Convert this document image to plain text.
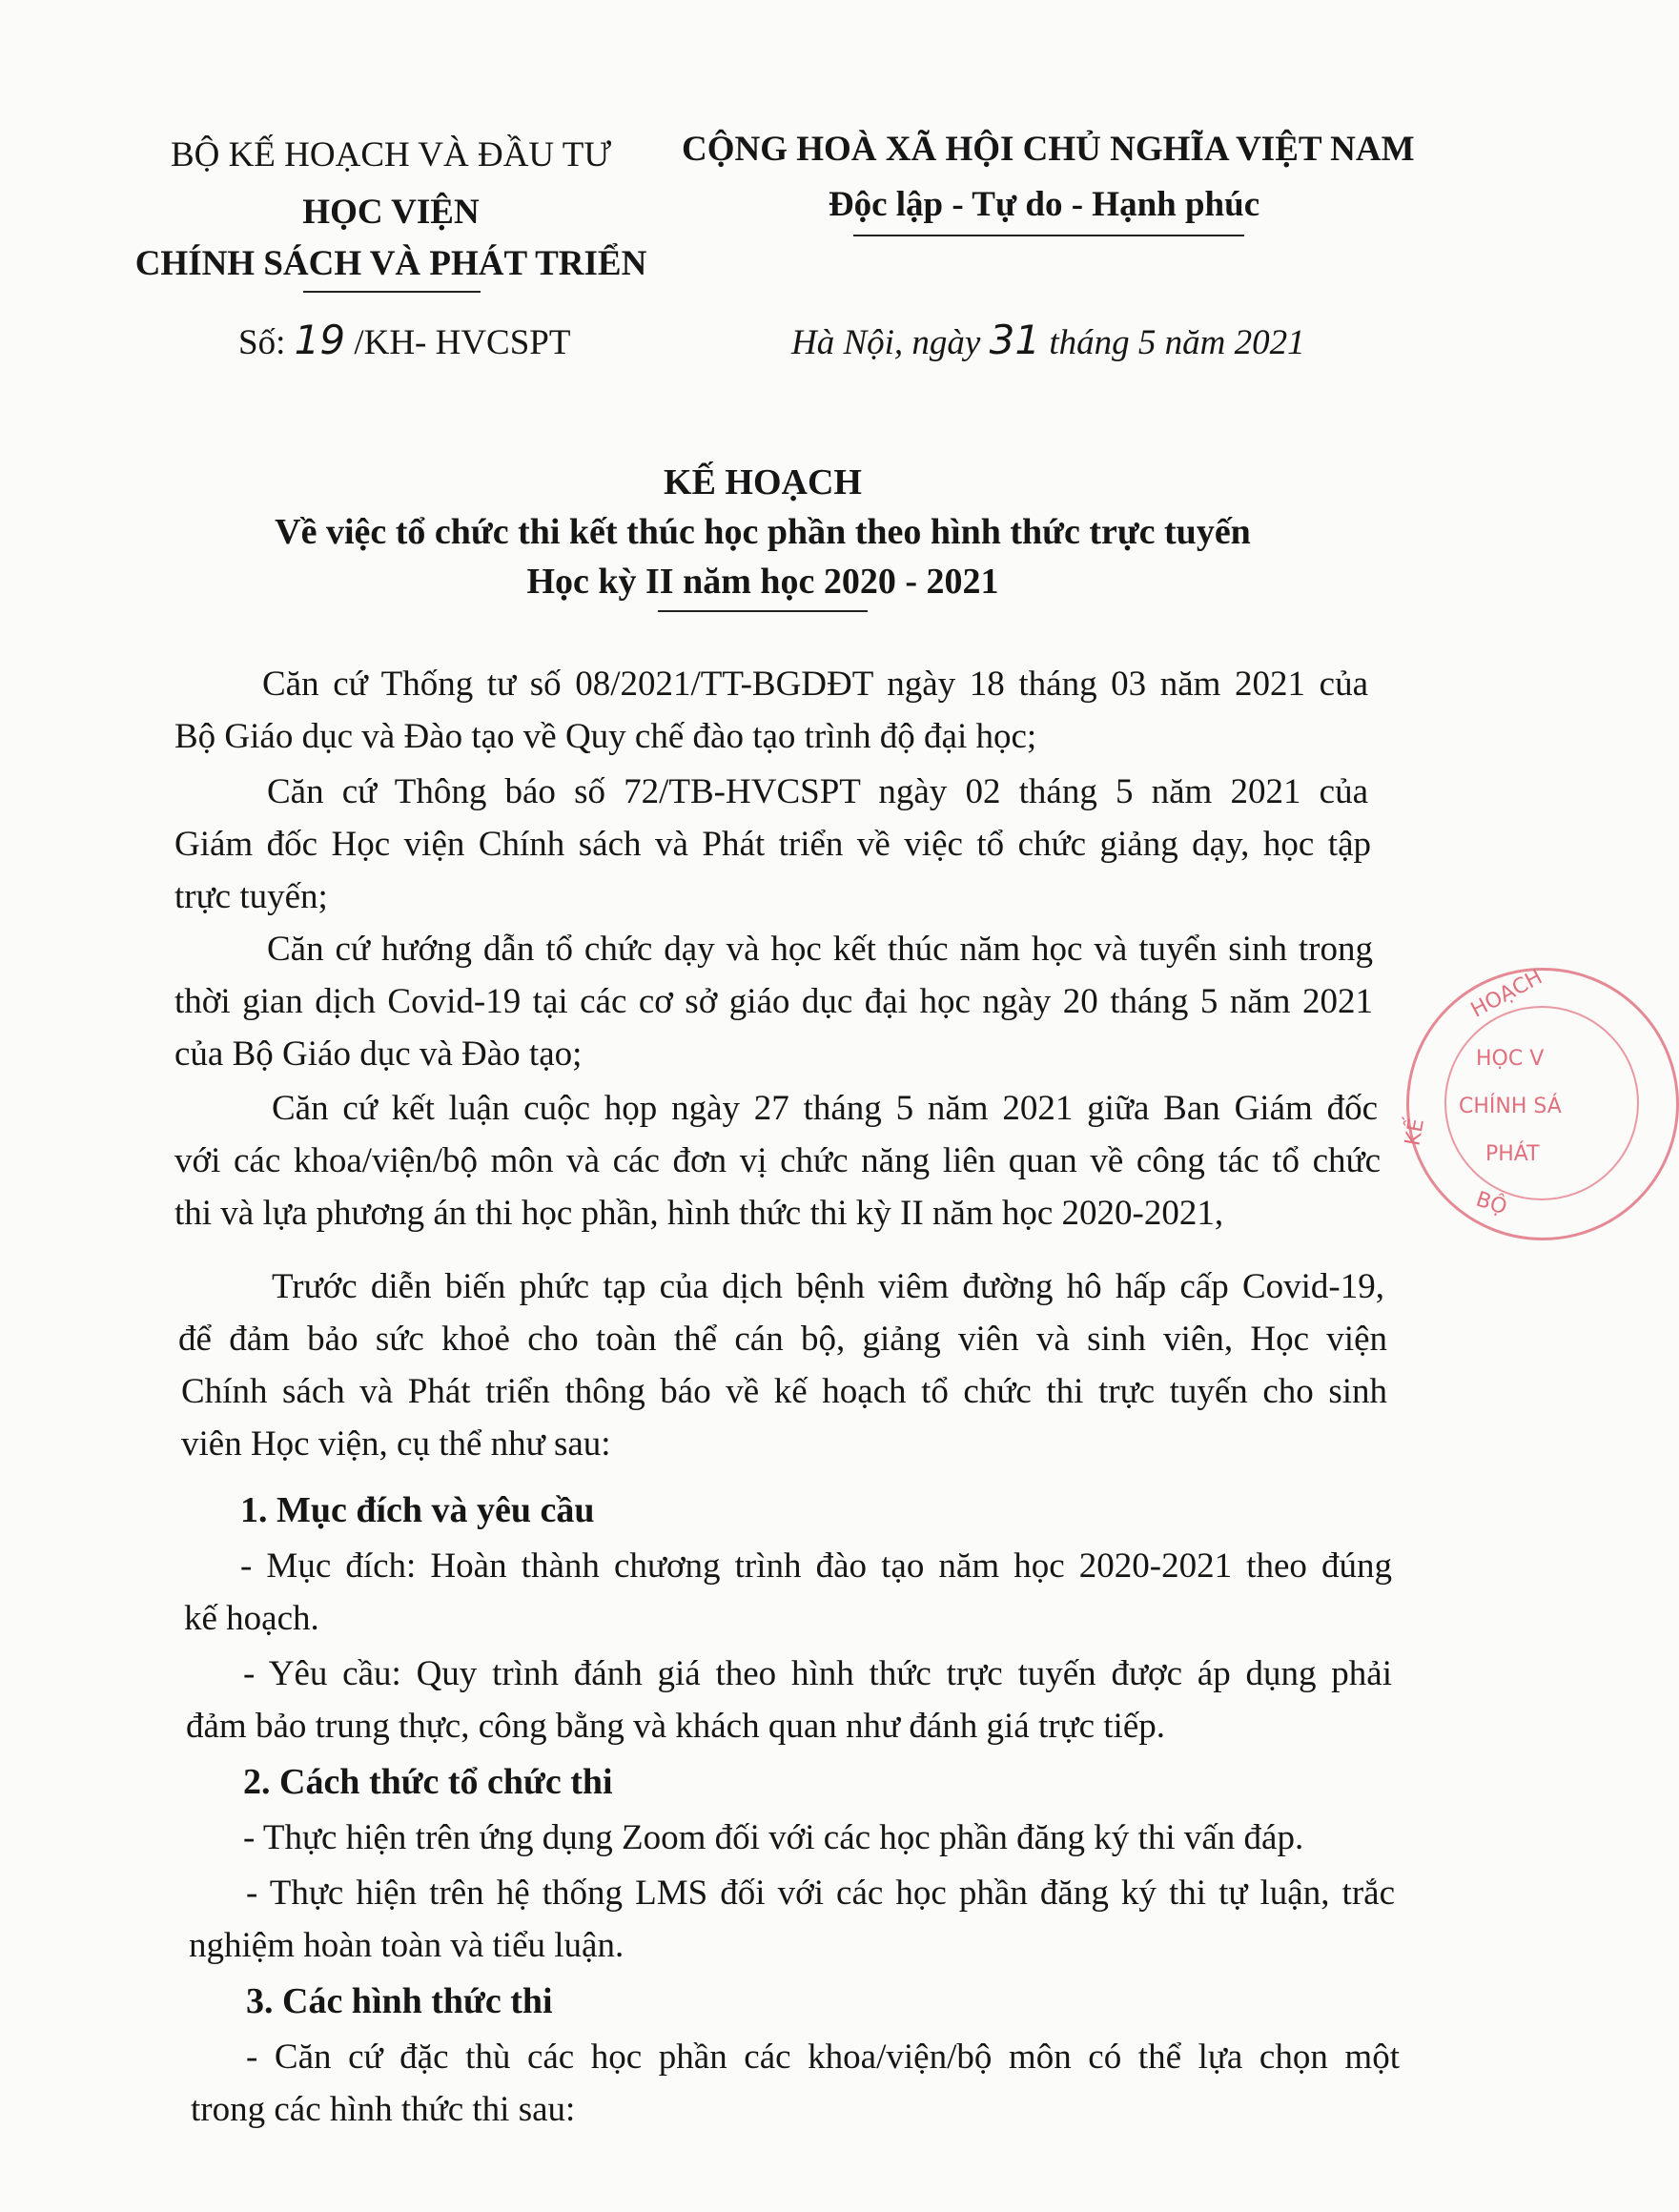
BỘ KẾ HOẠCH VÀ ĐẦU TƯ
HỌC VIỆN
CHÍNH SÁCH VÀ PHÁT TRIỂN
Số: 19 /KH- HVCSPT
CỘNG HOÀ XÃ HỘI CHỦ NGHĨA VIỆT NAM
Độc lập - Tự do - Hạnh phúc
Hà Nội, ngày 31 tháng 5 năm 2021
KẾ HOẠCH
Về việc tổ chức thi kết thúc học phần theo hình thức trực tuyến
Học kỳ II năm học 2020 - 2021
Căn cứ Thống tư số 08/2021/TT-BGDĐT ngày 18 tháng 03 năm 2021 của
Bộ Giáo dục và Đào tạo về Quy chế đào tạo trình độ đại học;
Căn cứ Thông báo số 72/TB-HVCSPT ngày 02 tháng 5 năm 2021 của
Giám đốc Học viện Chính sách và Phát triển về việc tổ chức giảng dạy, học tập
trực tuyến;
Căn cứ hướng dẫn tổ chức dạy và học kết thúc năm học và tuyển sinh trong
thời gian dịch Covid-19 tại các cơ sở giáo dục đại học ngày 20 tháng 5 năm 2021
của Bộ Giáo dục và Đào tạo;
Căn cứ kết luận cuộc họp ngày 27 tháng 5 năm 2021 giữa Ban Giám đốc
với các khoa/viện/bộ môn và các đơn vị chức năng liên quan về công tác tổ chức
thi và lựa phương án thi học phần, hình thức thi kỳ II năm học 2020-2021,
Trước diễn biến phức tạp của dịch bệnh viêm đường hô hấp cấp Covid-19,
để đảm bảo sức khoẻ cho toàn thể cán bộ, giảng viên và sinh viên, Học viện
Chính sách và Phát triển thông báo về kế hoạch tổ chức thi trực tuyến cho sinh
viên Học viện, cụ thể như sau:
1. Mục đích và yêu cầu
- Mục đích: Hoàn thành chương trình đào tạo năm học 2020-2021 theo đúng
kế hoạch.
- Yêu cầu: Quy trình đánh giá theo hình thức trực tuyến được áp dụng phải
đảm bảo trung thực, công bằng và khách quan như đánh giá trực tiếp.
2. Cách thức tổ chức thi
- Thực hiện trên ứng dụng Zoom đối với các học phần đăng ký thi vấn đáp.
- Thực hiện trên hệ thống LMS đối với các học phần đăng ký thi tự luận, trắc
nghiệm hoàn toàn và tiểu luận.
3. Các hình thức thi
- Căn cứ đặc thù các học phần các khoa/viện/bộ môn có thể lựa chọn một
trong các hình thức thi sau:
HOẠCH
KẾ
BỘ
HỌC V
CHÍNH SÁ
PHÁT
